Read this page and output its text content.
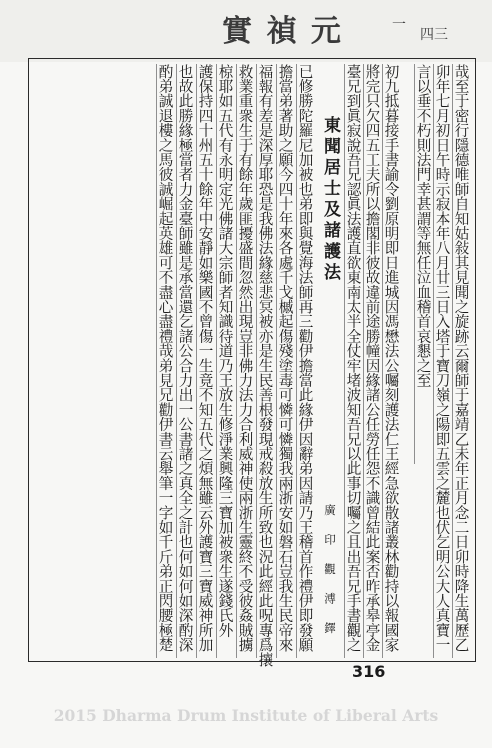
實 禎 元	一
四三
哉至于密行隱德唯師自知姑敍其見聞之旋跡云爾師于嘉靖乙未年正月念二日卯時降生萬歷乙
卯年七月初日午時示寂本年八月廿三日入塔于寶刀嶺之陽即五雲之麓也伏乞明公大人真寶一
言以垂不朽則法門幸甚謂等無任泣血稽首哀懇之至
初九抵暮接手書諭令劉原明即日進城因馮懋法公囑刻護法仁王經急欲散諸叢林勸持以報國家
將完只欠四五工夫所以擔閣非彼故違前途勝幢因緣諸公任勞任怨不識曾結此案否昨承皋亭金
臺兄到眞寂說吾兄認眞法護直欲東南太半全仗牢堵波知吾兄以此事切囑之且出吾兄手書觀之
東聞居士及諸護法
廣 印 觀 溥 鐸
已修勝陀羅尼加被也弟即與覺海法師再三勸伊擔當此緣伊因辭弟因請乃王稽首作禮伊即發願
擔當弟著助之願今四十年來各處千戈槭起傷殘塗毒可憐可憐獨我兩浙安如磐石豈我生民帝來
福報有差是深厚耶恐是我佛法緣慈悲冥被亦是生民善根發現戒殺放生所致也況此經此呪專爲攘
救業重衆生于有餘年歲匪擾盛間忽然出現豈非佛力法力合利威神使兩浙生靈終不受彼姦賊擄
椋耶如五代有永明定光佛諸大宗師者知識待道乃王放生修淨業興隆三寶加被衆生遂錢氏外
護保持四十州五十餘年中安靜如樂國不曾傷一生竟不知五代之煩無雖云外護寶三寶威神所加
也故此勝緣極當者力金臺師雖是承當還乞諸公合力出一公書諸之真全之計也何如何如深酌深
酌弟誠退樓之馬彼誠崛起英雄可不盡心盡禮哉弟見兄勸伊書云舉筆一字如千斤弟正閃腰極楚
316
2015 Dharma Drum Institute of Liberal Arts
